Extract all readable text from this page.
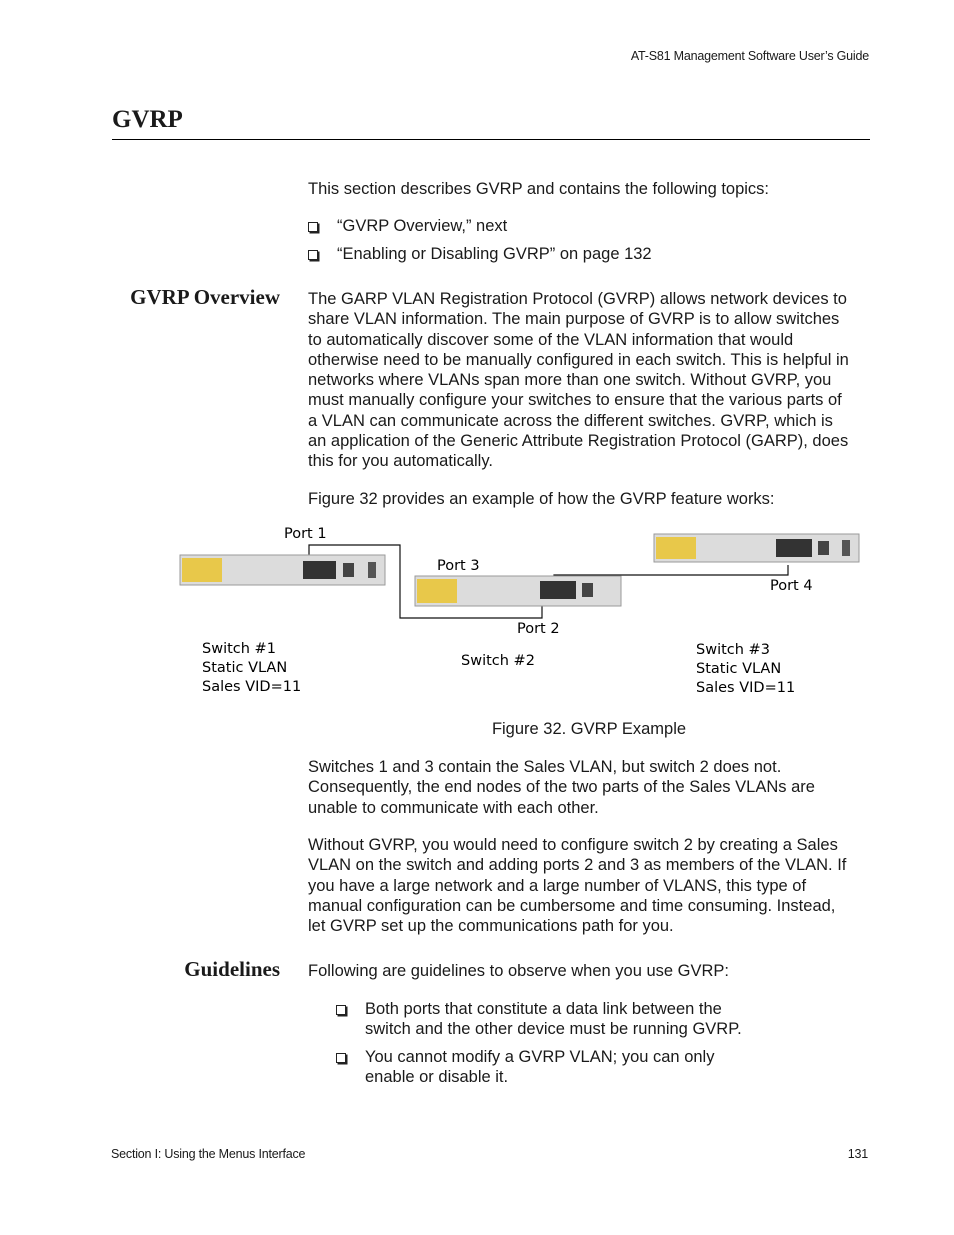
AT-S81 Management Software User’s Guide
GVRP
This section describes GVRP and contains the following topics:
“GVRP Overview,” next
“Enabling or Disabling GVRP” on page 132
GVRP Overview The GARP VLAN Registration Protocol (GVRP) allows network devices to
share VLAN information. The main purpose of GVRP is to allow switches
to automatically discover some of the VLAN information that would
otherwise need to be manually configured in each switch. This is helpful in
networks where VLANs span more than one switch. Without GVRP, you
must manually configure your switches to ensure that the various parts of
a VLAN can communicate across the different switches. GVRP, which is
an application of the Generic Attribute Registration Protocol (GARP), does
this for you automatically.
Figure 32 provides an example of how the GVRP feature works:
Port 1
Port 3
Port 2
Port 4
Switch #1
Static VLAN
Sales VID=11
Switch #2
Switch #3
Static VLAN
Sales VID=11
Figure 32. GVRP Example
Switches 1 and 3 contain the Sales VLAN, but switch 2 does not.
Consequently, the end nodes of the two parts of the Sales VLANs are
unable to communicate with each other.
Without GVRP, you would need to configure switch 2 by creating a Sales
VLAN on the switch and adding ports 2 and 3 as members of the VLAN. If
you have a large network and a large number of VLANS, this type of
manual configuration can be cumbersome and time consuming. Instead,
let GVRP set up the communications path for you.
Guidelines Following are guidelines to observe when you use GVRP:
Both ports that constitute a data link between the
switch and the other device must be running GVRP.
You cannot modify a GVRP VLAN; you can only
enable or disable it.
Section I: Using the Menus Interface	131
